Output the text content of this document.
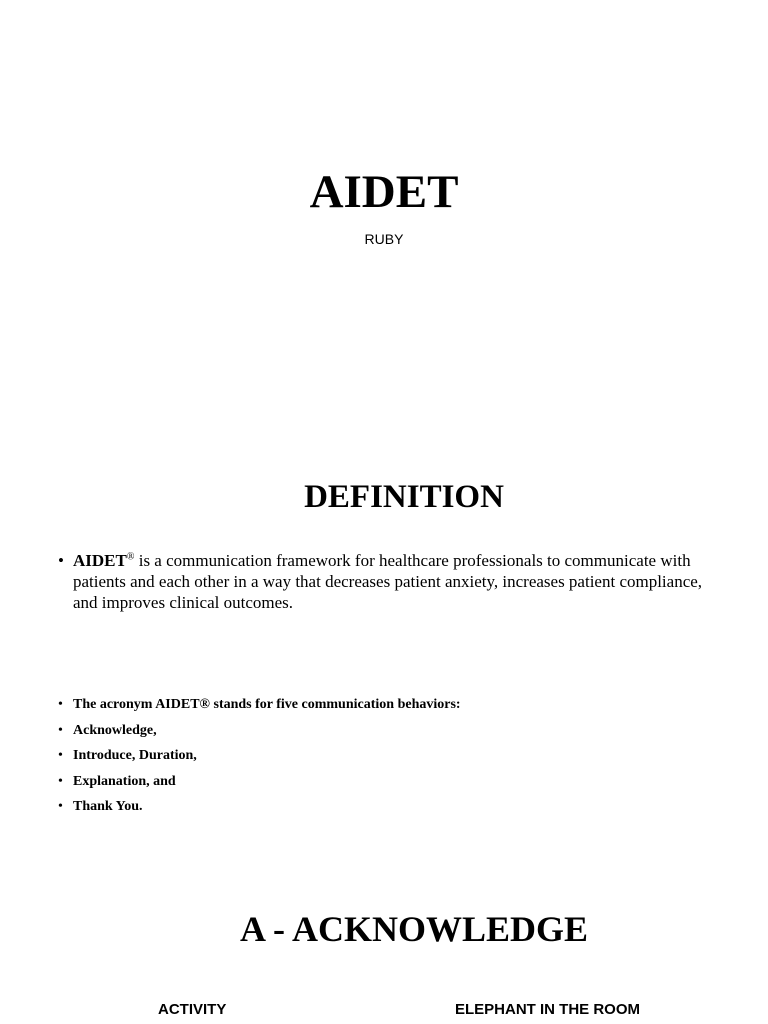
AIDET
RUBY
DEFINITION
• AIDET® is a communication framework for healthcare professionals to communicate with patients and each other in a way that decreases patient anxiety, increases patient compliance, and improves clinical outcomes.
• The acronym AIDET® stands for five communication behaviors:
• Acknowledge,
• Introduce, Duration,
• Explanation, and
• Thank You.
A - ACKNOWLEDGE
ACTIVITY	ELEPHANT IN THE ROOM
